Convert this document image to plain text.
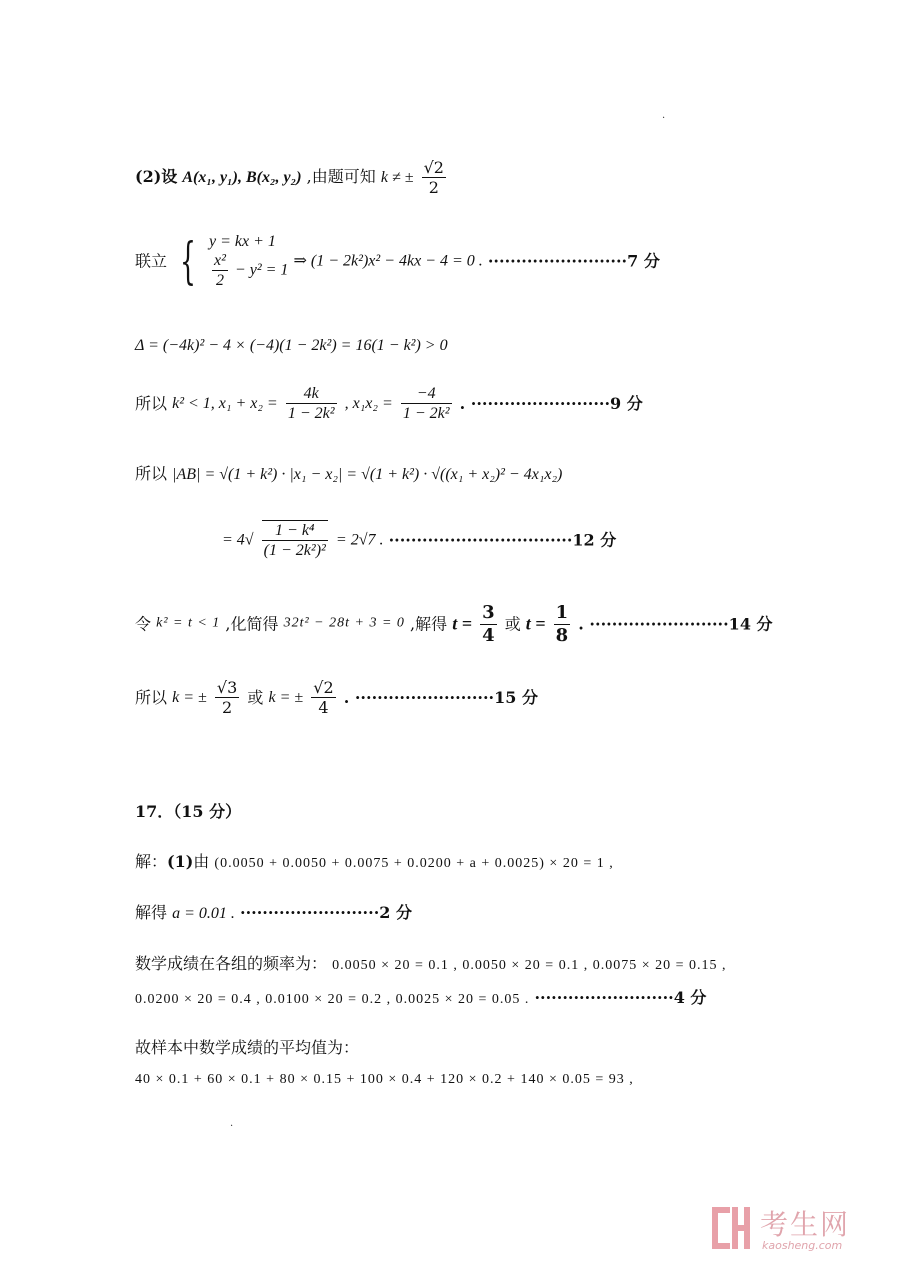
.
(2)设 A(x₁, y₁), B(x₂, y₂) ,由题可知 k ≠ ± $\frac{√2}{2}$
联立 { y = kx + 1
$\frac{\text{x²}}{2} - y^2 = 1$
⇒ (1 − 2k²)x² − 4kx − 4 = 0 . ·························7 分
Δ = (−4k)² − 4 × (−4)(1 − 2k²) = 16(1 − k²) > 0
所以 k² < 1, $x_1 + x_2 = \frac{4k}{\text{1 − 2k²}}$ , $x_1x_2 = \frac{-4}{\text{1 − 2k²}}$ . ·························9 分
所以 |AB| = √(1 + k²) · |x₁ − x₂| = √(1 + k²) · √((x₁ + x₂)² − 4x₁x₂)
= $4√ \frac{\text{1 − k⁴}}{\text{(1 − 2k²)²}} = 2√7$ . ·································12 分
令 k² = t < 1 ,化简得 32t² − 28t + 3 = 0 ,解得 $t = \frac{3}{4}$ 或 $t = \frac{1}{8}$ . ·························14 分
所以 k = ± $\frac{√3}{2}$ 或 k = ± $\frac{√2}{4}$ . ·························15 分
17．（15 分）
解：(1)由 (0.0050 + 0.0050 + 0.0075 + 0.0200 + a + 0.0025) × 20 = 1 ,
解得 a = 0.01 . ·························2 分
数学成绩在各组的频率为： 0.0050 × 20 = 0.1 , 0.0050 × 20 = 0.1 , 0.0075 × 20 = 0.15 ,
0.0200 × 20 = 0.4 , 0.0100 × 20 = 0.2 , 0.0025 × 20 = 0.05 . ·························4 分
故样本中数学成绩的平均值为：
40 × 0.1 + 60 × 0.1 + 80 × 0.15 + 100 × 0.4 + 120 × 0.2 + 140 × 0.05 = 93 ,
.
考生网
kaosheng.com
